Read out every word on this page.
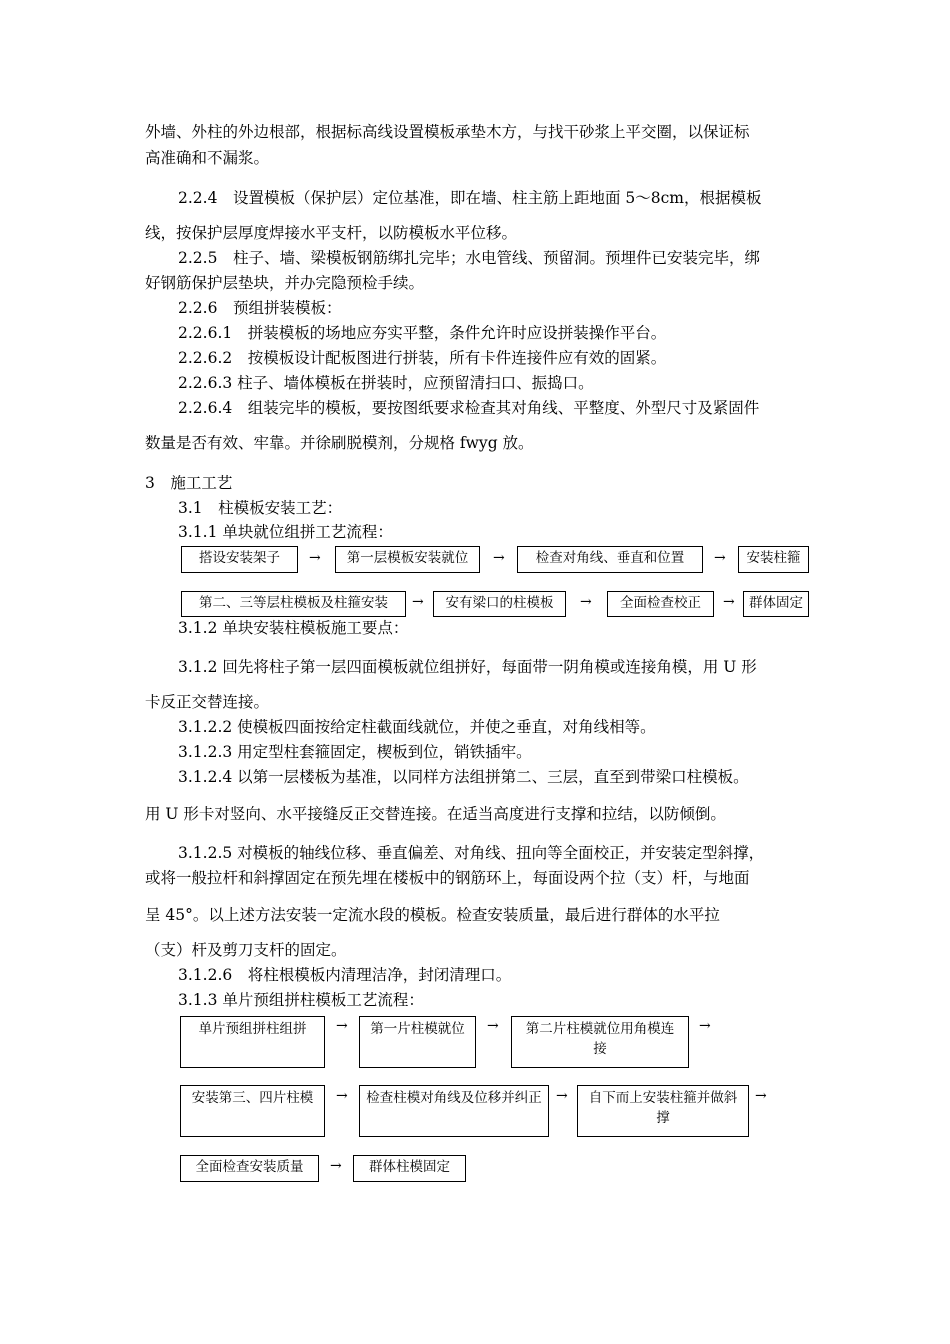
外墙、外柱的外边根部，根据标高线设置模板承垫木方，与找干砂浆上平交圈，以保证标
高准确和不漏浆。
2.2.4　设置模板（保护层）定位基准，即在墙、柱主筋上距地面 5～8cm，根据模板
线，按保护层厚度焊接水平支杆，以防模板水平位移。
2.2.5　柱子、墙、梁模板钢筋绑扎完毕；水电管线、预留洞。预埋件已安装完毕，绑
好钢筋保护层垫块，并办完隐预检手续。
2.2.6　预组拼装模板：
2.2.6.1　拼装模板的场地应夯实平整，条件允许时应设拼装操作平台。
2.2.6.2　按模板设计配板图进行拼装，所有卡件连接件应有效的固紧。
2.2.6.3 柱子、墙体模板在拼装时，应预留清扫口、振捣口。
2.2.6.4　组装完毕的模板，要按图纸要求检查其对角线、平整度、外型尺寸及紧固件
数量是否有效、牢靠。并徐刷脱模剂，分规格 fwyg 放。
3　施工工艺
3.1　柱模板安装工艺：
3.1.1 单块就位组拼工艺流程：
搭设安装架子	→	第一层模板安装就位	→	检查对角线、垂直和位置	→	安装柱箍
第二、三等层柱模板及柱箍安装	→	安有梁口的柱模板	→	全面检查校正	→	群体固定
3.1.2 单块安装柱模板施工要点：
3.1.2 回先将柱子第一层四面模板就位组拼好，每面带一阴角模或连接角模，用 U 形
卡反正交替连接。
3.1.2.2 使模板四面按给定柱截面线就位，并使之垂直，对角线相等。
3.1.2.3 用定型柱套箍固定，楔板到位，销铁插牢。
3.1.2.4 以第一层楼板为基准，以同样方法组拼第二、三层，直至到带梁口柱模板。
用 U 形卡对竖向、水平接缝反正交替连接。在适当高度进行支撑和拉结，以防倾倒。
3.1.2.5 对模板的轴线位移、垂直偏差、对角线、扭向等全面校正，并安装定型斜撑，
或将一般拉杆和斜撑固定在预先埋在楼板中的钢筋环上，每面设两个拉（支）杆，与地面
呈 45°。以上述方法安装一定流水段的模板。检查安装质量，最后进行群体的水平拉
（支）杆及剪刀支杆的固定。
3.1.2.6　将柱根模板内清理洁净，封闭清理口。
3.1.3 单片预组拼柱模板工艺流程：
单片预组拼柱组拼	→	第一片柱模就位	→	第二片柱模就位用角模连接
→
安装第三、四片柱模	→	检查柱模对角线及位移并纠正	→	自下而上安装柱箍并做斜撑
→
全面检查安装质量	→	群体柱模固定
